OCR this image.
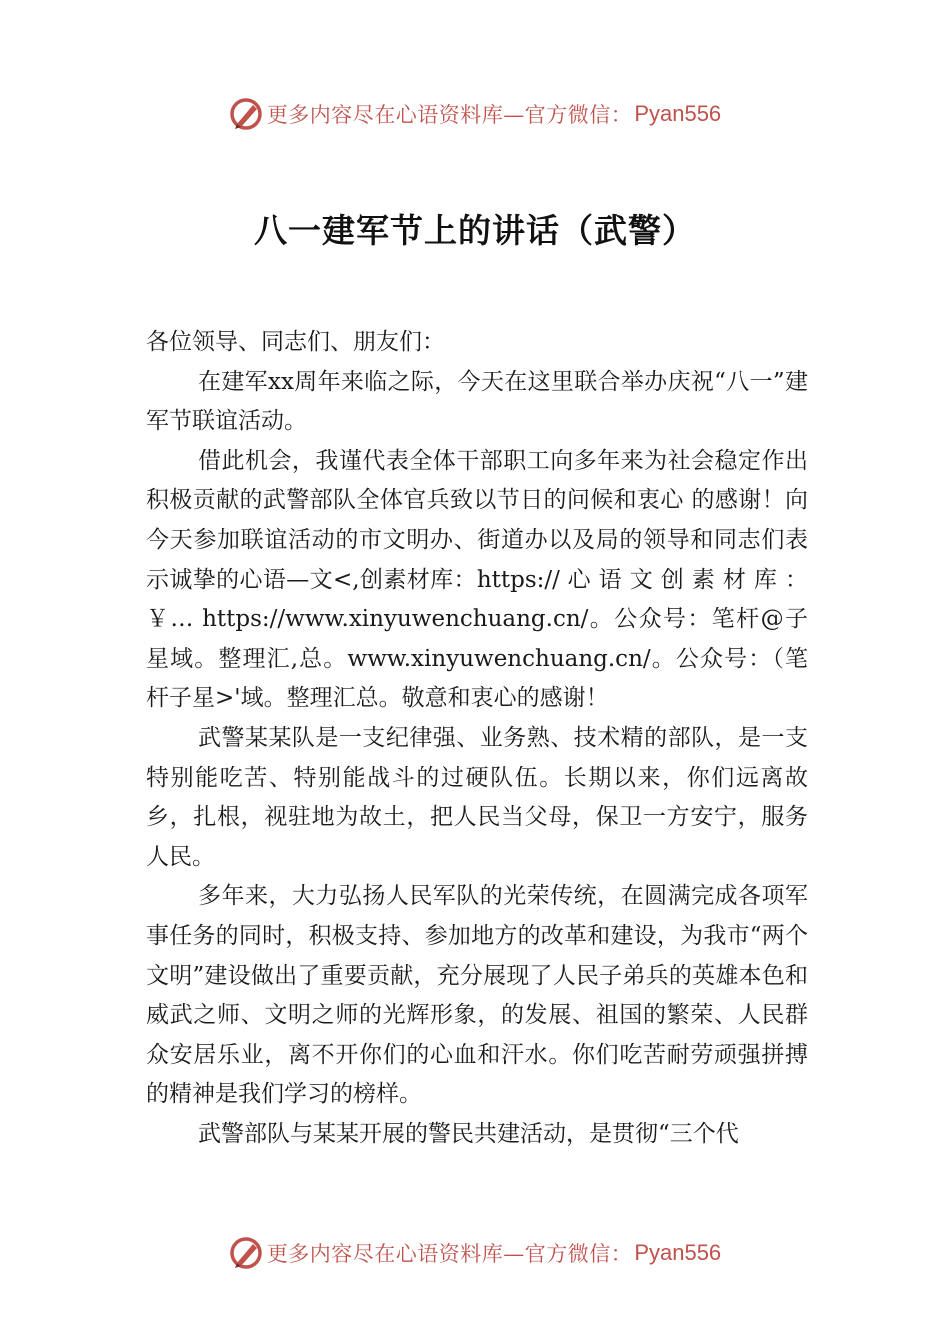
更多内容尽在心语资料库—官方微信： Pyan556
八一建军节上的讲话（武警）

各位领导、同志们、朋友们：

在建军xx周年来临之际，今天在这里联合举办庆祝“八一”建军节联谊活动。

借此机会，我谨代表全体干部职工向多年来为社会稳定作出积极贡献的武警部队全体官兵致以节日的问候和衷心 的感谢！向今天参加联谊活动的市文明办、街道办以及局的领导和同志们表示诚挚的心语—文<,创素材库：https:// 心 语 文 创 素 材 库 ： ￥… https://www.xinyuwenchuang.cn/。公众号：笔杆@子星域。整理汇,总。www.xinyuwenchuang.cn/。公众号：（笔杆子星>'域。整理汇总。敬意和衷心的感谢！

武警某某队是一支纪律强、业务熟、技术精的部队，是一支特别能吃苦、特别能战斗的过硬队伍。长期以来，你们远离故乡，扎根，视驻地为故土，把人民当父母，保卫一方安宁，服务人民。

多年来，大力弘扬人民军队的光荣传统，在圆满完成各项军事任务的同时，积极支持、参加地方的改革和建设，为我市“两个文明”建设做出了重要贡献，充分展现了人民子弟兵的英雄本色和威武之师、文明之师的光辉形象，的发展、祖国的繁荣、人民群众安居乐业，离不开你们的心血和汗水。你们吃苦耐劳顽强拼搏的精神是我们学习的榜样。

武警部队与某某开展的警民共建活动，是贯彻“三个代

更多内容尽在心语资料库—官方微信： Pyan556
